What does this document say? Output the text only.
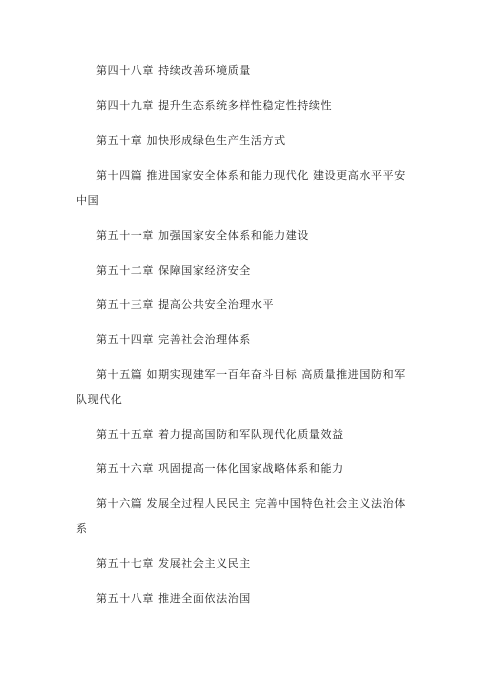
第四十八章 持续改善环境质量
第四十九章 提升生态系统多样性稳定性持续性
第五十章 加快形成绿色生产生活方式
第十四篇 推进国家安全体系和能力现代化 建设更高水平平安中国
第五十一章 加强国家安全体系和能力建设
第五十二章 保障国家经济安全
第五十三章 提高公共安全治理水平
第五十四章 完善社会治理体系
第十五篇 如期实现建军一百年奋斗目标 高质量推进国防和军队现代化
第五十五章 着力提高国防和军队现代化质量效益
第五十六章 巩固提高一体化国家战略体系和能力
第十六篇 发展全过程人民民主 完善中国特色社会主义法治体系
第五十七章 发展社会主义民主
第五十八章 推进全面依法治国
